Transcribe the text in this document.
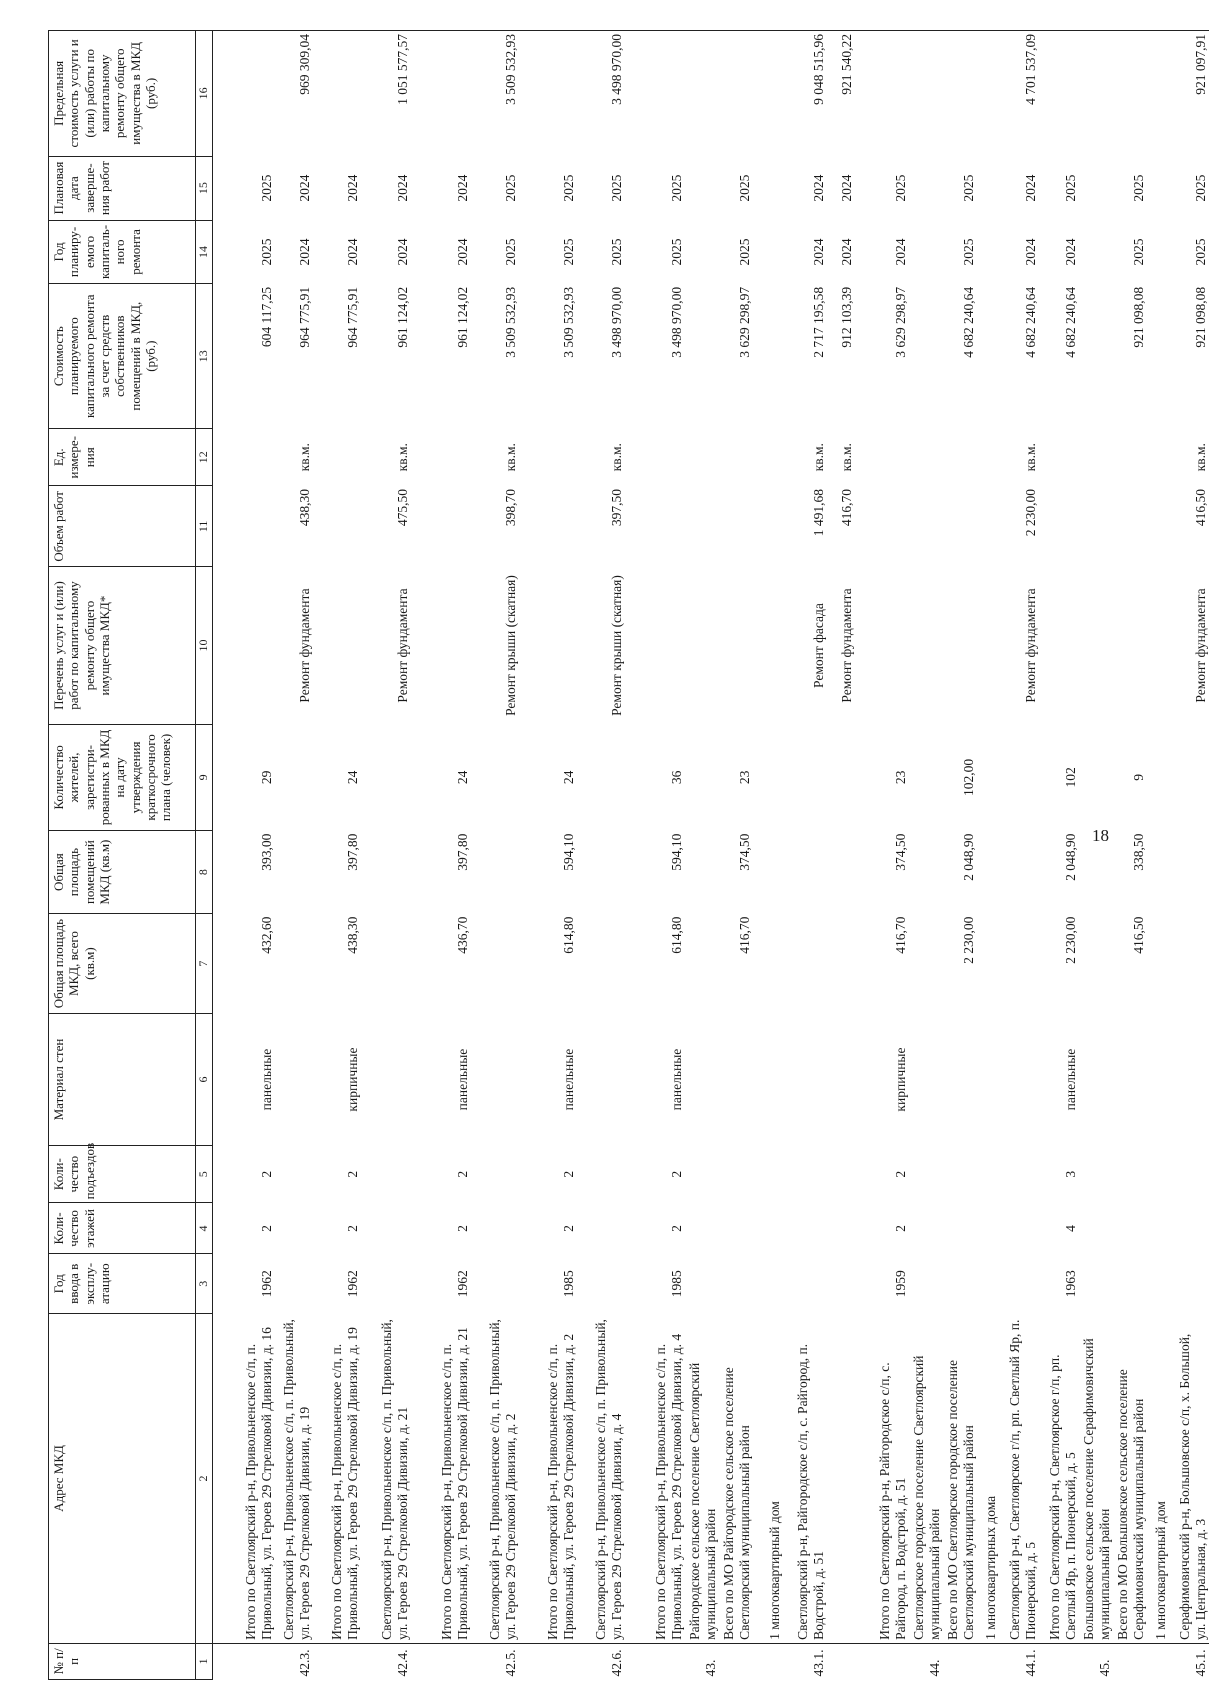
18
№ п/п	Адрес МКД	Год ввода в эксплу-атацию	Коли-чество этажей	Коли-чество подъездов	Материал стен	Общая площадь МКД, всего (кв.м)	Общая площадь помещений МКД (кв.м)	Количество жителей, зарегистри-рованных в МКД на дату утверждения краткосрочного плана (человек)	Перечень услуг и (или) работ по капитальному ремонту общего имущества МКД*	Объем работ	Ед. измере-ния	Стоимость планируемого капитального ремонта за счет средств собственников помещений в МКД, (руб.)	Год планиру-емого капиталь-ного ремонта	Плановая дата заверше-ния работ	Предельная стоимость услуги и (или) работы по капитальному ремонту общего имущества в МКД (руб.)
1	2	3	4	5	6	7	8	9	10	11	12	13	14	15	16
	Итого по Светлоярский р-н, Привольненское с/п, п. Привольный, ул. Героев 29 Стрелковой Дивизии, д. 16	1962	2	2	панельные	432,60	393,00	29				604 117,25	2025	2025	
42.3.	Светлоярский р-н, Привольненское с/п, п. Привольный, ул. Героев 29 Стрелковой Дивизии, д. 19								Ремонт фундамента	438,30	кв.м.	964 775,91	2024	2024	969 309,04
	Итого по Светлоярский р-н, Привольненское с/п, п. Привольный, ул. Героев 29 Стрелковой Дивизии, д. 19	1962	2	2	кирпичные	438,30	397,80	24				964 775,91	2024	2024	
42.4.	Светлоярский р-н, Привольненское с/п, п. Привольный, ул. Героев 29 Стрелковой Дивизии, д. 21								Ремонт фундамента	475,50	кв.м.	961 124,02	2024	2024	1 051 577,57
	Итого по Светлоярский р-н, Привольненское с/п, п. Привольный, ул. Героев 29 Стрелковой Дивизии, д. 21	1962	2	2	панельные	436,70	397,80	24				961 124,02	2024	2024	
42.5.	Светлоярский р-н, Привольненское с/п, п. Привольный, ул. Героев 29 Стрелковой Дивизии, д. 2								Ремонт крыши (скатная)	398,70	кв.м.	3 509 532,93	2025	2025	3 509 532,93
	Итого по Светлоярский р-н, Привольненское с/п, п. Привольный, ул. Героев 29 Стрелковой Дивизии, д. 2	1985	2	2	панельные	614,80	594,10	24				3 509 532,93	2025	2025	
42.6.	Светлоярский р-н, Привольненское с/п, п. Привольный, ул. Героев 29 Стрелковой Дивизии, д. 4								Ремонт крыши (скатная)	397,50	кв.м.	3 498 970,00	2025	2025	3 498 970,00
	Итого по Светлоярский р-н, Привольненское с/п, п. Привольный, ул. Героев 29 Стрелковой Дивизии, д. 4	1985	2	2	панельные	614,80	594,10	36				3 498 970,00	2025	2025	
43.	Райгородское сельское поселение Светлоярский муниципальный район														
	Всего по МО Райгородское сельское поселение Светлоярский муниципальный район					416,70	374,50	23				3 629 298,97	2025	2025	
	1 многоквартирный дом														
43.1.	Светлоярский р-н, Райгородское с/п, с. Райгород, п. Водстрой, д. 51								Ремонт фасада	1 491,68	кв.м.	2 717 195,58	2024	2024	9 048 515,96
									Ремонт фундамента	416,70	кв.м.	912 103,39	2024	2024	921 540,22
	Итого по Светлоярский р-н, Райгородское с/п, с. Райгород, п. Водстрой, д. 51	1959	2	2	кирпичные	416,70	374,50	23				3 629 298,97	2024	2025	
44.	Светлоярское городское поселение Светлоярский муниципальный район														
	Всего по МО Светлоярское городское поселение Светлоярский муниципальный район					2 230,00	2 048,90	102,00				4 682 240,64	2025	2025	
	1 многоквартирных дома														
44.1.	Светлоярский р-н, Светлоярское г/п, рп. Светлый Яр, п. Пионерский, д. 5								Ремонт фундамента	2 230,00	кв.м.	4 682 240,64	2024	2024	4 701 537,09
	Итого по Светлоярский р-н, Светлоярское г/п, рп. Светлый Яр, п. Пионерский, д. 5	1963	4	3	панельные	2 230,00	2 048,90	102				4 682 240,64	2024	2025	
45.	Большовское сельское поселение Серафимовичский муниципальный район														
	Всего по МО Большовское сельское поселение Серафимовичский муниципальный район					416,50	338,50	9				921 098,08	2025	2025	
	1 многоквартирный дом														
45.1.	Серафимовичский р-н, Большовское с/п, х. Большой, ул. Центральная, д. 3								Ремонт фундамента	416,50	кв.м.	921 098,08	2025	2025	921 097,91
